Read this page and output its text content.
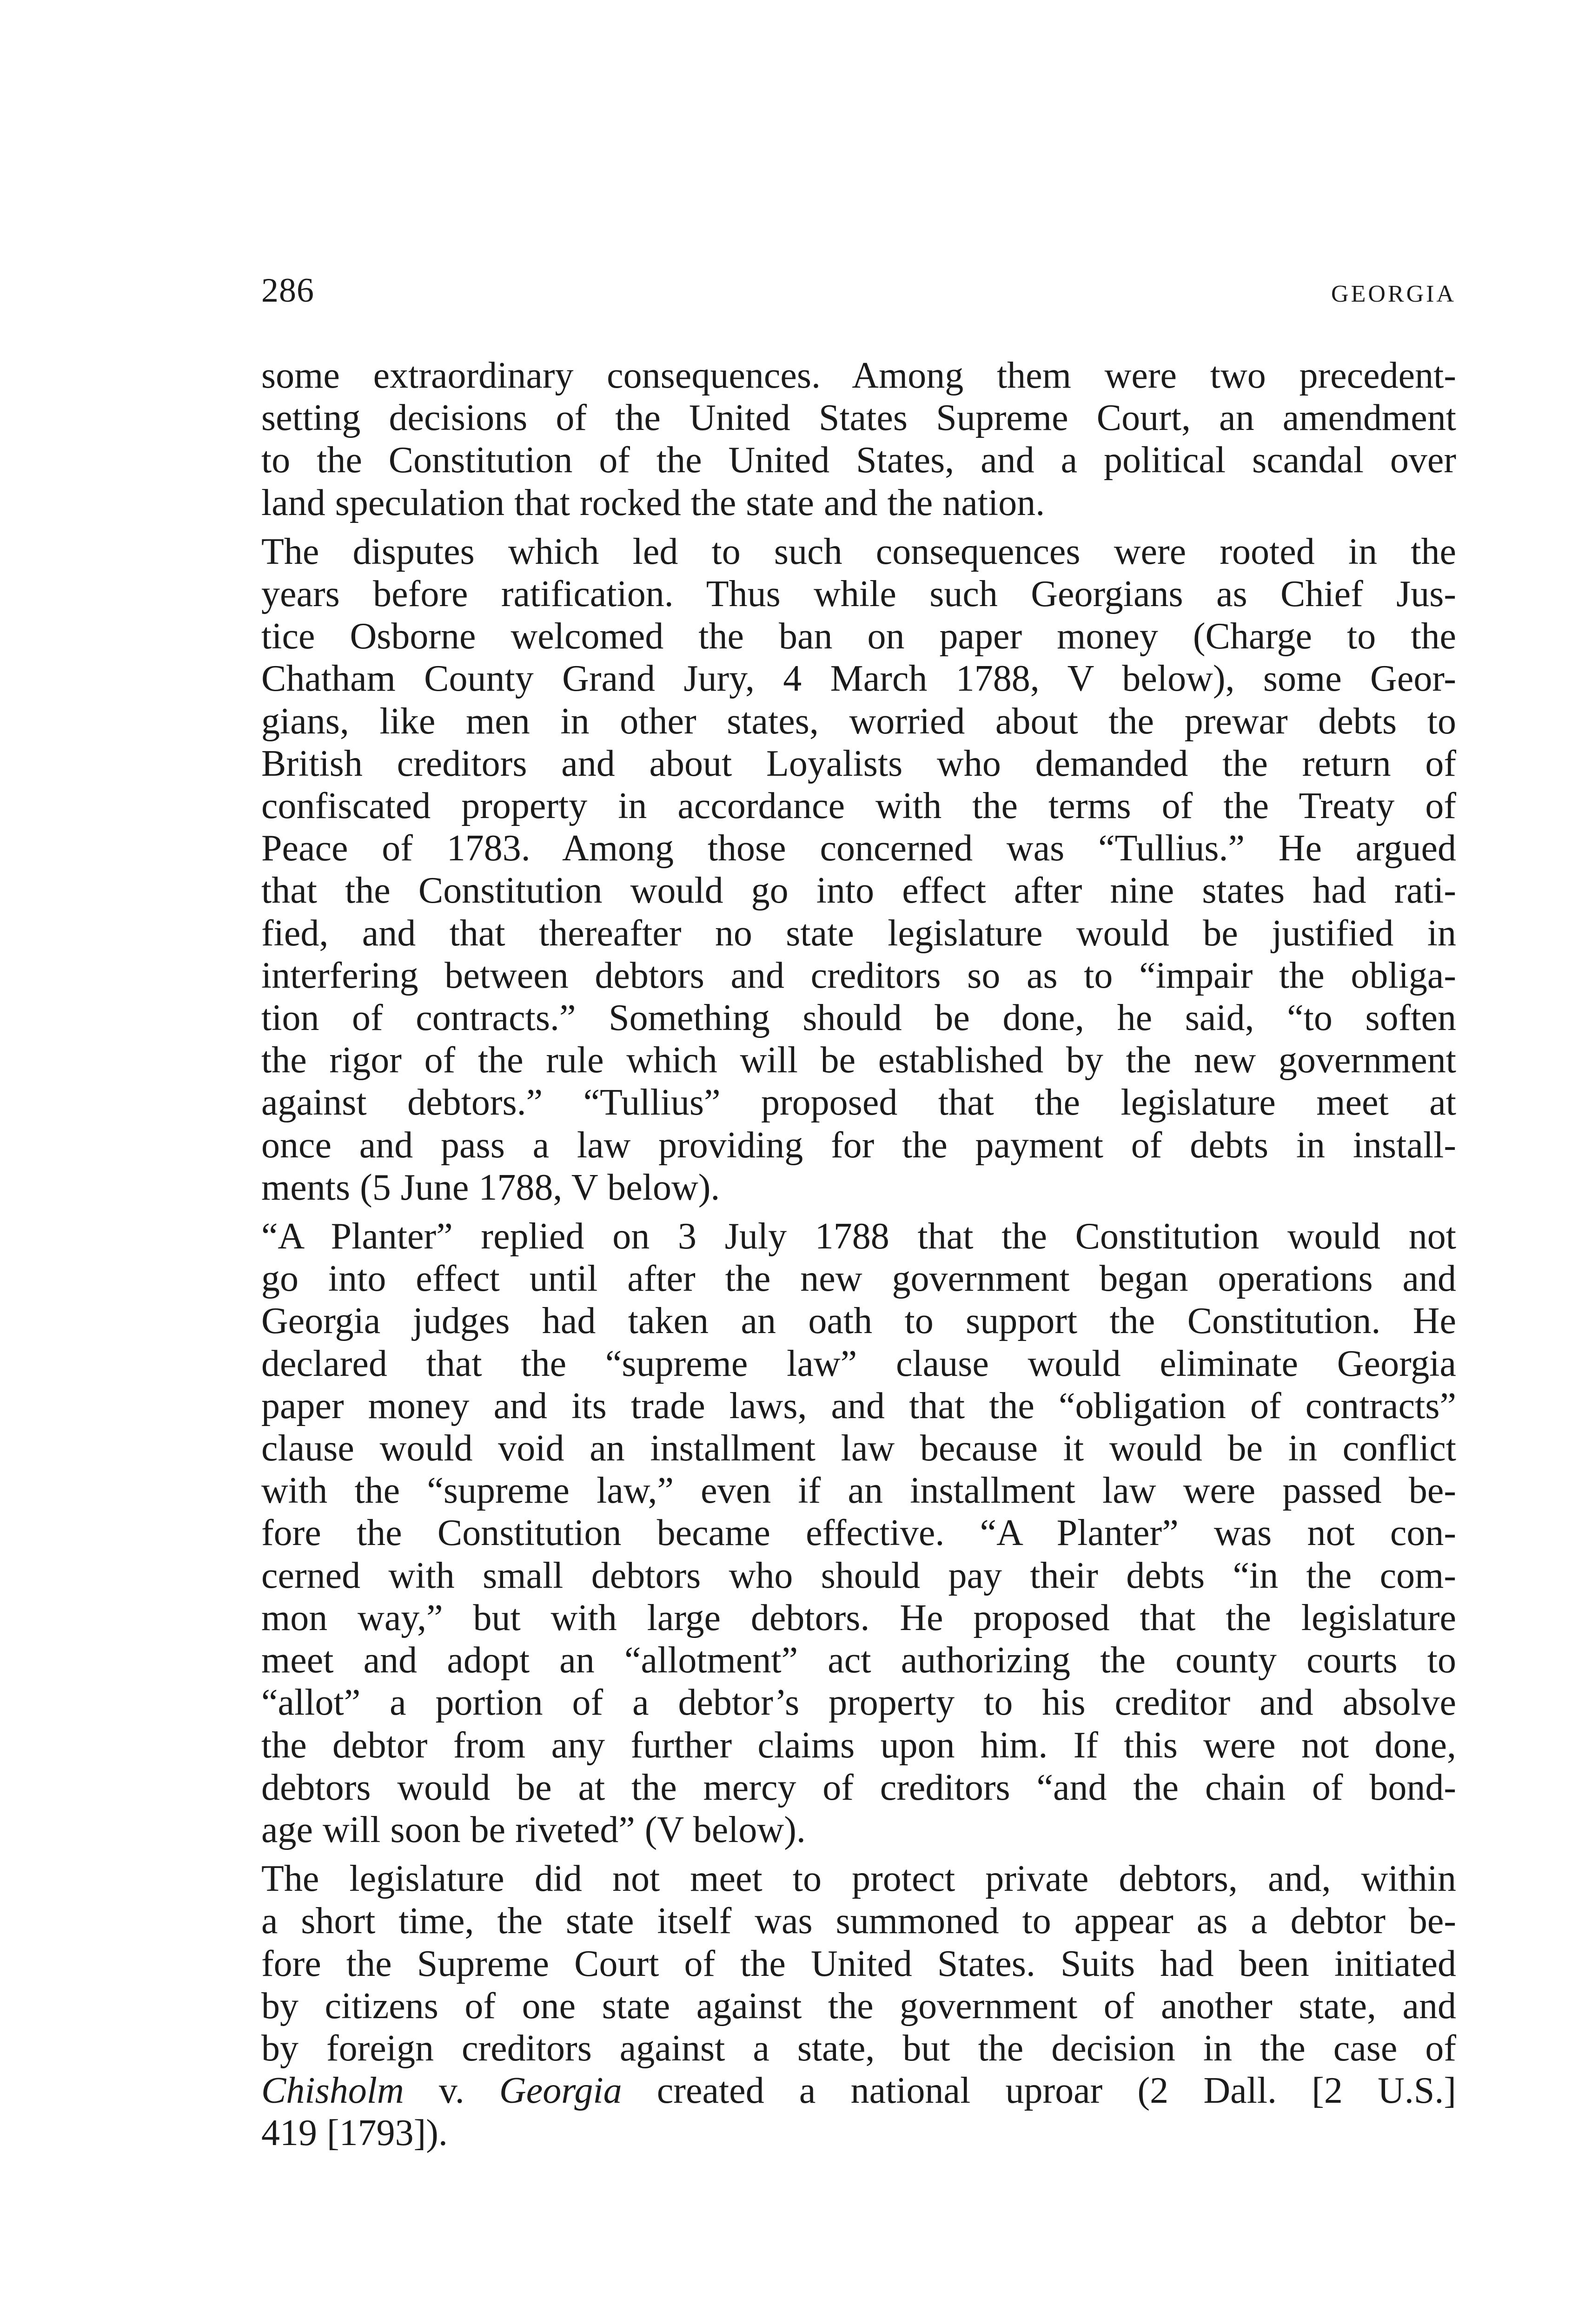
286	GEORGIA

some extraordinary consequences. Among them were two precedent-
setting decisions of the United States Supreme Court, an amendment
to the Constitution of the United States, and a political scandal over
land speculation that rocked the state and the nation.

The disputes which led to such consequences were rooted in the
years before ratification. Thus while such Georgians as Chief Jus-
tice Osborne welcomed the ban on paper money (Charge to the
Chatham County Grand Jury, 4 March 1788, V below), some Geor-
gians, like men in other states, worried about the prewar debts to
British creditors and about Loyalists who demanded the return of
confiscated property in accordance with the terms of the Treaty of
Peace of 1783. Among those concerned was “Tullius.” He argued
that the Constitution would go into effect after nine states had rati-
fied, and that thereafter no state legislature would be justified in
interfering between debtors and creditors so as to “impair the obliga-
tion of contracts.” Something should be done, he said, “to soften
the rigor of the rule which will be established by the new government
against debtors.” “Tullius” proposed that the legislature meet at
once and pass a law providing for the payment of debts in install-
ments (5 June 1788, V below).

“A Planter” replied on 3 July 1788 that the Constitution would not
go into effect until after the new government began operations and
Georgia judges had taken an oath to support the Constitution. He
declared that the “supreme law” clause would eliminate Georgia
paper money and its trade laws, and that the “obligation of contracts”
clause would void an installment law because it would be in conflict
with the “supreme law,” even if an installment law were passed be-
fore the Constitution became effective. “A Planter” was not con-
cerned with small debtors who should pay their debts “in the com-
mon way,” but with large debtors. He proposed that the legislature
meet and adopt an “allotment” act authorizing the county courts to
“allot” a portion of a debtor’s property to his creditor and absolve
the debtor from any further claims upon him. If this were not done,
debtors would be at the mercy of creditors “and the chain of bond-
age will soon be riveted” (V below).

The legislature did not meet to protect private debtors, and, within
a short time, the state itself was summoned to appear as a debtor be-
fore the Supreme Court of the United States. Suits had been initiated
by citizens of one state against the government of another state, and
by foreign creditors against a state, but the decision in the case of
Chisholm v. Georgia created a national uproar (2 Dall. [2 U.S.]
419 [1793]).
